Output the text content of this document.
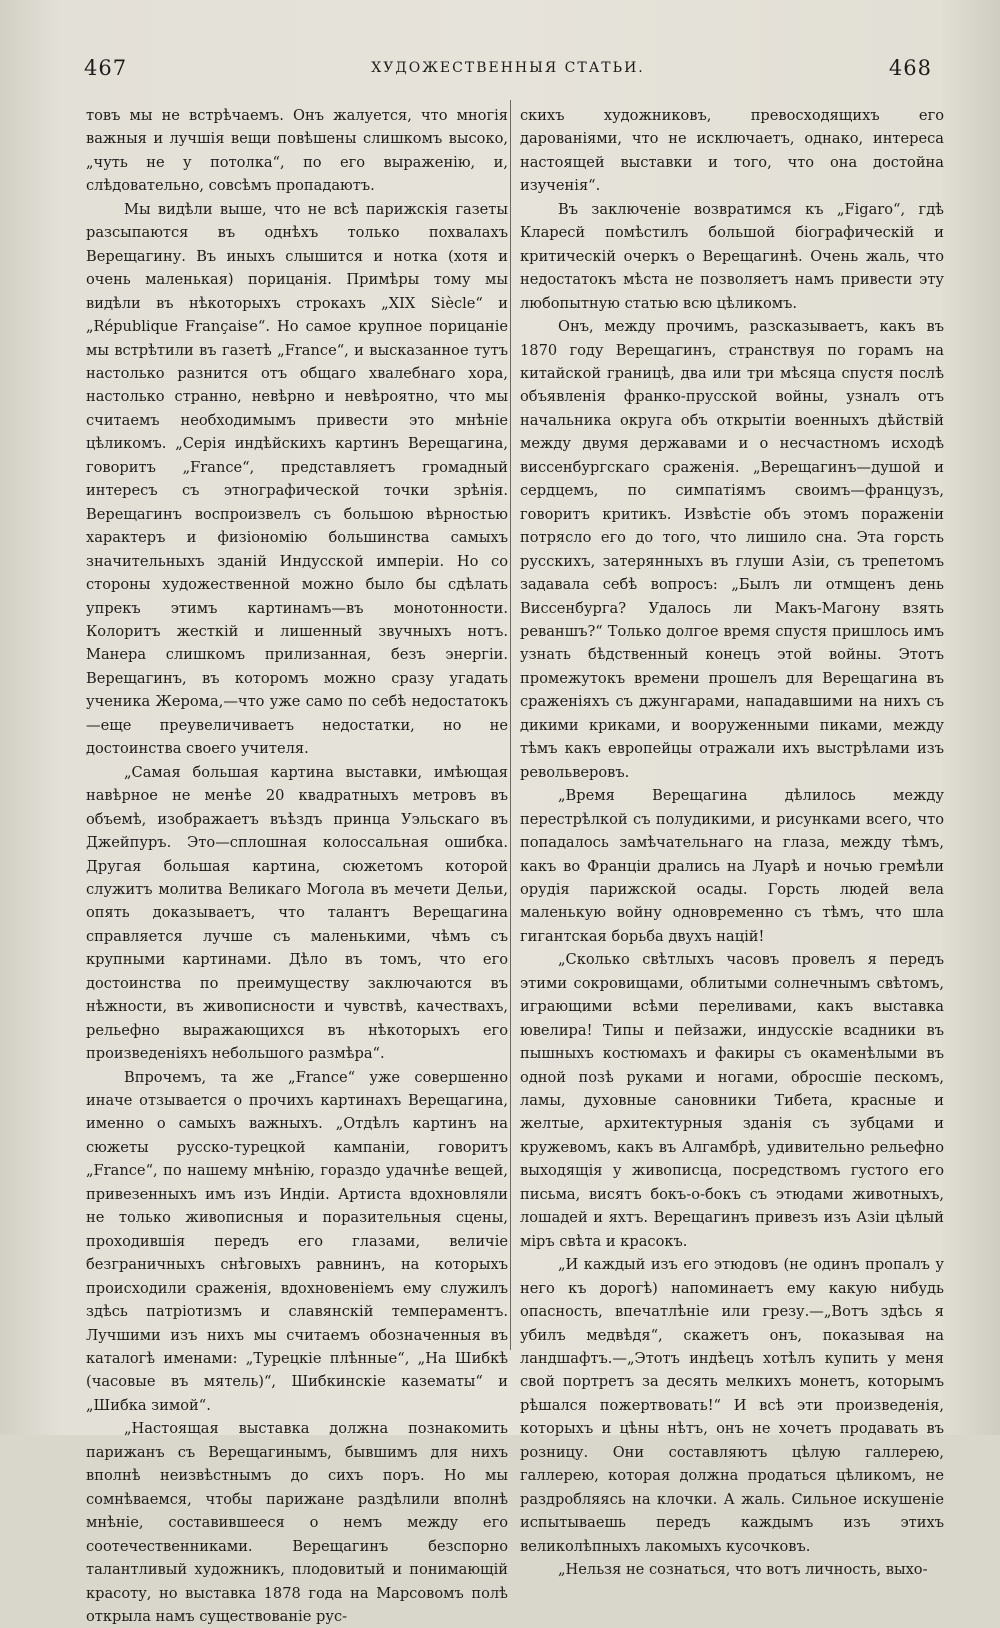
467	ХУДОЖЕСТВЕННЫЯ СТАТЬИ.	468

товъ мы не встрѣчаемъ. Онъ жалуется, что многія важныя и лучшія вещи повѣшены слишкомъ высоко, „чуть не у потолка“, по его выраженію, и, слѣдовательно, совсѣмъ пропадаютъ.

Мы видѣли выше, что не всѣ парижскія газеты разсыпаются въ однѣхъ только похвалахъ Верещагину. Въ иныхъ слышится и нотка (хотя и очень маленькая) порицанія. Примѣры тому мы видѣли въ нѣкоторыхъ строкахъ „XIX Siècle“ и „République Française“. Но самое крупное порицаніе мы встрѣтили въ газетѣ „France“, и высказанное тутъ настолько разнится отъ общаго хвалебнаго хора, настолько странно, невѣрно и невѣроятно, что мы считаемъ необходимымъ привести это мнѣніе цѣликомъ. „Серія индѣйскихъ картинъ Верещагина, говоритъ „France“, представляетъ громадный интересъ съ этнографической точки зрѣнія. Верещагинъ воспроизвелъ съ большою вѣрностью характеръ и физіономію большинства самыхъ значительныхъ зданій Индусской имперіи. Но со стороны художественной можно было бы сдѣлать упрекъ этимъ картинамъ—въ монотонности. Колоритъ жесткій и лишенный звучныхъ нотъ. Манера слишкомъ прилизанная, безъ энергіи. Верещагинъ, въ которомъ можно сразу угадать ученика Жерома,—что уже само по себѣ недостатокъ—еще преувеличиваетъ недостатки, но не достоинства своего учителя.

„Самая большая картина выставки, имѣющая навѣрное не менѣе 20 квадратныхъ метровъ въ объемѣ, изображаетъ въѣздъ принца Уэльскаго въ Джейпуръ. Это—сплошная колоссальная ошибка. Другая большая картина, сюжетомъ которой служитъ молитва Великаго Могола въ мечети Дельи, опять доказываетъ, что талантъ Верещагина справляется лучше съ маленькими, чѣмъ съ крупными картинами. Дѣло въ томъ, что его достоинства по преимуществу заключаются въ нѣжности, въ живописности и чувствѣ, качествахъ, рельефно выражающихся въ нѣкоторыхъ его произведеніяхъ небольшого размѣра“.

Впрочемъ, та же „France“ уже совершенно иначе отзывается о прочихъ картинахъ Верещагина, именно о самыхъ важныхъ. „Отдѣлъ картинъ на сюжеты русско-турецкой кампаніи, говоритъ „France“, по нашему мнѣнію, гораздо удачнѣе вещей, привезенныхъ имъ изъ Индіи. Артиста вдохновляли не только живописныя и поразительныя сцены, проходившія передъ его глазами, величіе безграничныхъ снѣговыхъ равнинъ, на которыхъ происходили сраженія, вдохновеніемъ ему служилъ здѣсь патріотизмъ и славянскій темпераментъ. Лучшими изъ нихъ мы считаемъ обозначенныя въ каталогѣ именами: „Турецкіе плѣнные“, „На Шибкѣ (часовые въ мятель)“, Шибкинскіе казематы“ и „Шибка зимой“.

„Настоящая выставка должна познакомить парижанъ съ Верещагинымъ, бывшимъ для нихъ вполнѣ неизвѣстнымъ до сихъ поръ. Но мы сомнѣваемся, чтобы парижане раздѣлили вполнѣ мнѣніе, составившееся о немъ между его соотечественниками. Верещагинъ безспорно талантливый художникъ, плодовитый и понимающій красоту, но выставка 1878 года на Марсовомъ полѣ открыла намъ существованіе рус-

скихъ художниковъ, превосходящихъ его дарованіями, что не исключаетъ, однако, интереса настоящей выставки и того, что она достойна изученія“.

Въ заключеніе возвратимся къ „Figaro“, гдѣ Кларесй помѣстилъ большой біографическій и критическій очеркъ о Верещагинѣ. Очень жаль, что недостатокъ мѣста не позволяетъ намъ привести эту любопытную статью всю цѣликомъ.

Онъ, между прочимъ, разсказываетъ, какъ въ 1870 году Верещагинъ, странствуя по горамъ на китайской границѣ, два или три мѣсяца спустя послѣ объявленія франко-прусской войны, узналъ отъ начальника округа объ открытіи военныхъ дѣйствій между двумя державами и о несчастномъ исходѣ виссенбургскаго сраженія. „Верещагинъ—душой и сердцемъ, по симпатіямъ своимъ—французъ, говоритъ критикъ. Извѣстіе объ этомъ пораженіи потрясло его до того, что лишило сна. Эта горсть русскихъ, затерянныхъ въ глуши Азіи, съ трепетомъ задавала себѣ вопросъ: „Былъ ли отмщенъ день Виссенбурга? Удалось ли Макъ-Магону взять реваншъ?“ Только долгое время спустя пришлось имъ узнать бѣдственный конецъ этой войны. Этотъ промежутокъ времени прошелъ для Верещагина въ сраженіяхъ съ джунгарами, нападавшими на нихъ съ дикими криками, и вооруженными пиками, между тѣмъ какъ европейцы отражали ихъ выстрѣлами изъ револьверовъ.

„Время Верещагина дѣлилось между перестрѣлкой съ полудикими, и рисунками всего, что попадалось замѣчательнаго на глаза, между тѣмъ, какъ во Франціи дрались на Луарѣ и ночью гремѣли орудія парижской осады. Горсть людей вела маленькую войну одновременно съ тѣмъ, что шла гигантская борьба двухъ націй!

„Сколько свѣтлыхъ часовъ провелъ я передъ этими сокровищами, облитыми солнечнымъ свѣтомъ, играющими всѣми переливами, какъ выставка ювелира! Типы и пейзажи, индусскіе всадники въ пышныхъ костюмахъ и факиры съ окаменѣлыми въ одной позѣ руками и ногами, обросшіе пескомъ, ламы, духовные сановники Тибета, красные и желтые, архитектурныя зданія съ зубцами и кружевомъ, какъ въ Алгамбрѣ, удивительно рельефно выходящія у живописца, посредствомъ густого его письма, висятъ бокъ-о-бокъ съ этюдами животныхъ, лошадей и яхтъ. Верещагинъ привезъ изъ Азіи цѣлый міръ свѣта и красокъ.

„И каждый изъ его этюдовъ (не одинъ пропалъ у него къ дорогѣ) напоминаетъ ему какую нибудь опасность, впечатлѣніе или грезу.—„Вотъ здѣсь я убилъ медвѣдя“, скажетъ онъ, показывая на ландшафтъ.—„Этотъ индѣецъ хотѣлъ купить у меня свой портретъ за десять мелкихъ монетъ, которымъ рѣшался пожертвовать!“ И всѣ эти произведенія, которыхъ и цѣны нѣтъ, онъ не хочетъ продавать въ розницу. Они составляютъ цѣлую галлерею, галлерею, которая должна продаться цѣликомъ, не раздробляясь на клочки. А жаль. Сильное искушеніе испытываешь передъ каждымъ изъ этихъ великолѣпныхъ лакомыхъ кусочковъ.

„Нельзя не сознаться, что вотъ личность, выхо-
